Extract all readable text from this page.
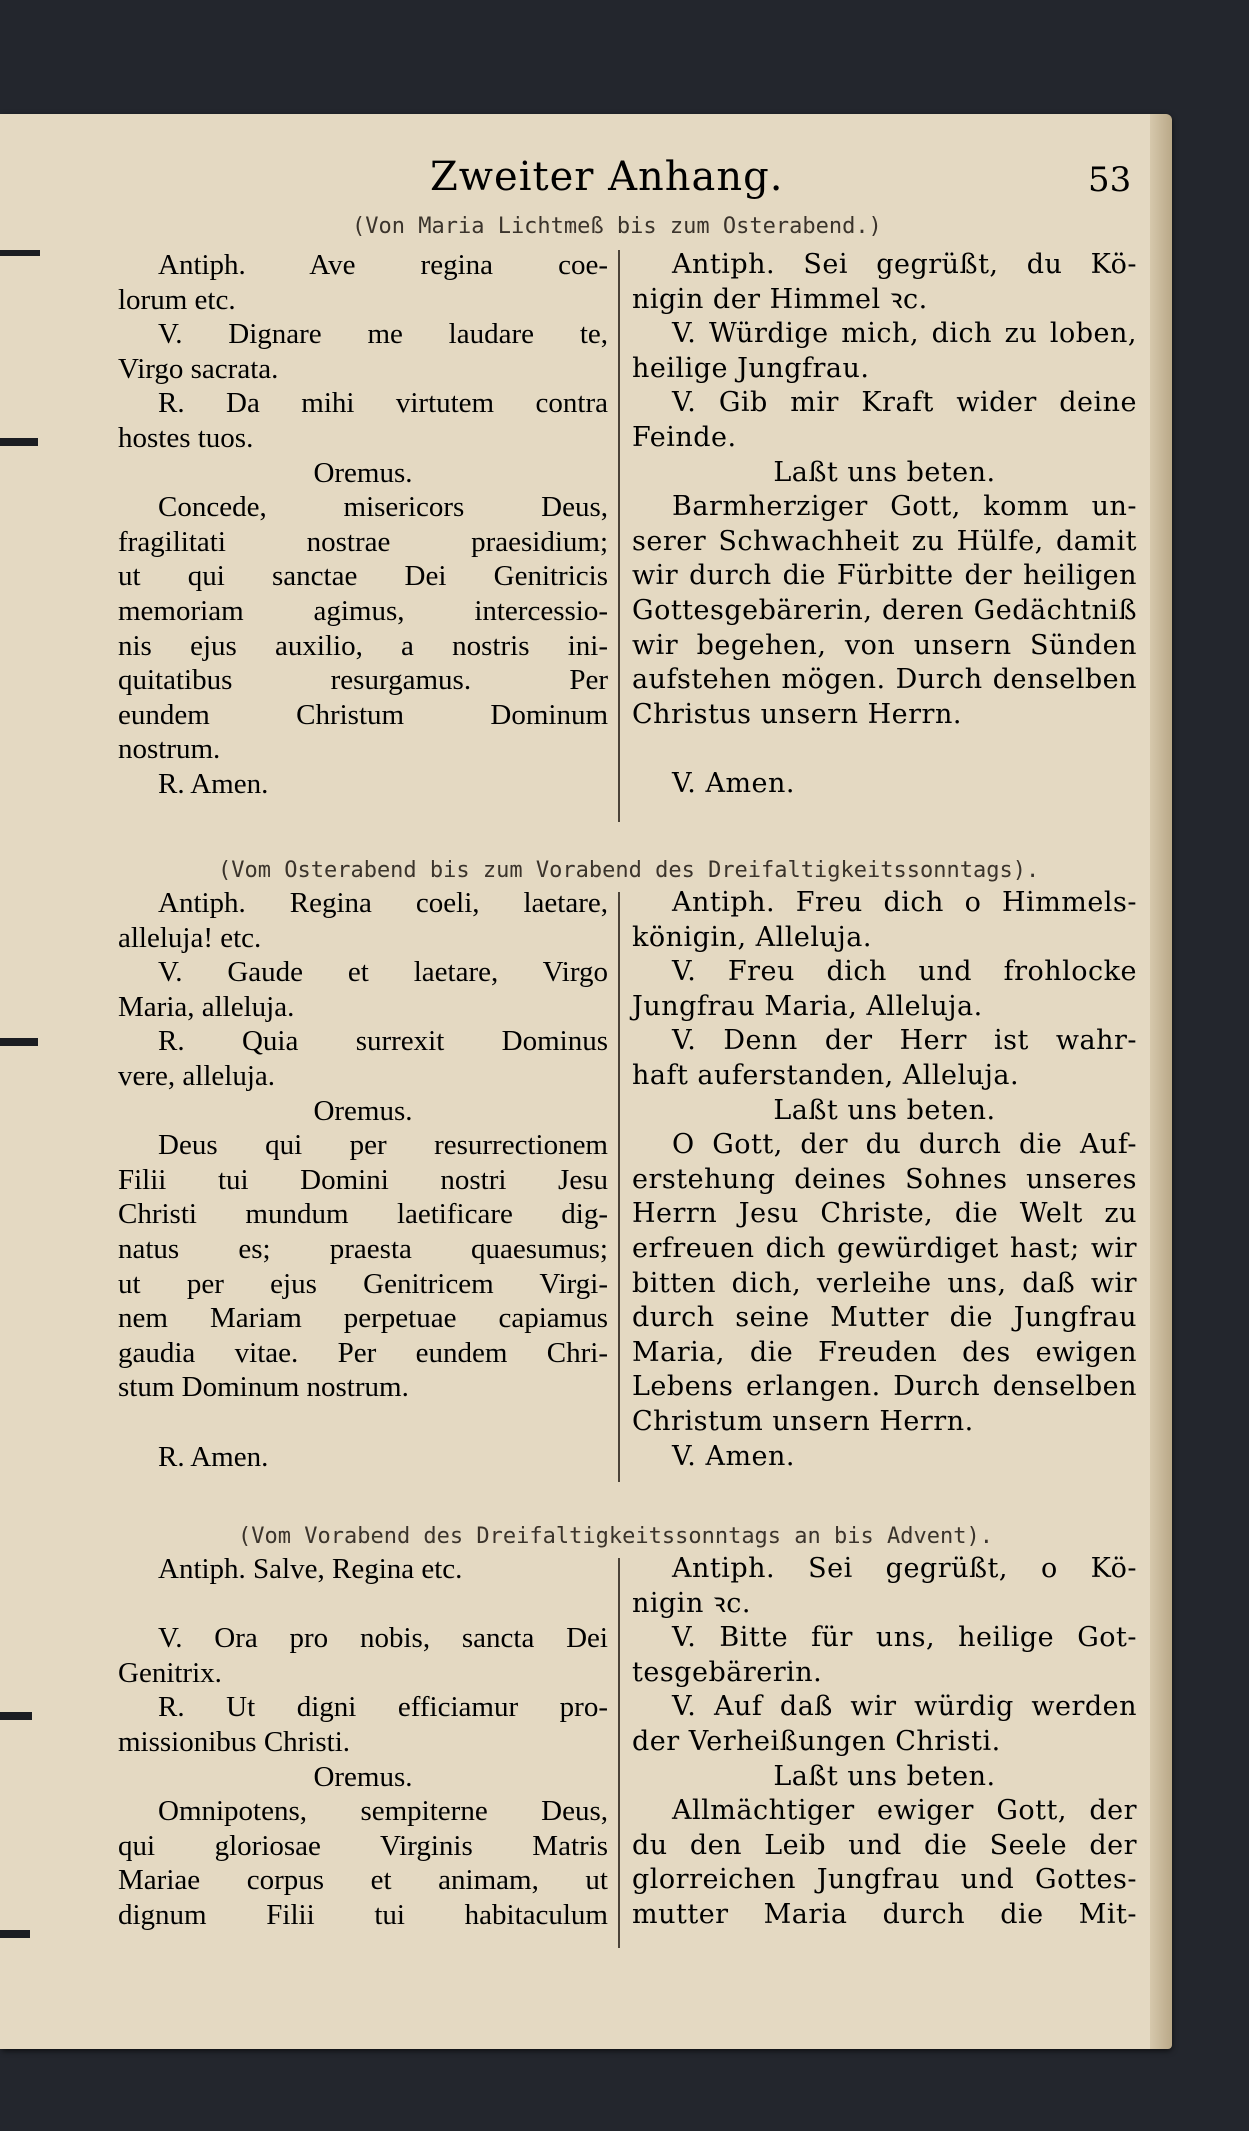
Zweiter Anhang.	53
(Von Maria Lichtmeß bis zum Osterabend.)
Antiph. Ave regina coe-
lorum etc.
V. Dignare me laudare te,
Virgo sacrata.
R. Da mihi virtutem contra
hostes tuos.
Oremus.
Concede, misericors Deus,
fragilitati nostrae praesidium;
ut qui sanctae Dei Genitricis
memoriam agimus, intercessio-
nis ejus auxilio, a nostris ini-
quitatibus resurgamus. Per
eundem Christum Dominum
nostrum.
R. Amen.
Antiph. Sei gegrüßt, du Kö-
nigin der Himmel ꝛc.
V. Würdige mich, dich zu loben,
heilige Jungfrau.
V. Gib mir Kraft wider deine
Feinde.
Laßt uns beten.
Barmherziger Gott, komm un-
serer Schwachheit zu Hülfe, damit
wir durch die Fürbitte der heiligen
Gottesgebärerin, deren Gedächtniß
wir begehen, von unsern Sünden
aufstehen mögen. Durch denselben
Christus unsern Herrn.
V. Amen.
(Vom Osterabend bis zum Vorabend des Dreifaltigkeitssonntags).
Antiph. Regina coeli, laetare,
alleluja! etc.
V. Gaude et laetare, Virgo
Maria, alleluja.
R. Quia surrexit Dominus
vere, alleluja.
Oremus.
Deus qui per resurrectionem
Filii tui Domini nostri Jesu
Christi mundum laetificare dig-
natus es; praesta quaesumus;
ut per ejus Genitricem Virgi-
nem Mariam perpetuae capiamus
gaudia vitae. Per eundem Chri-
stum Dominum nostrum.
R. Amen.
Antiph. Freu dich o Himmels-
königin, Alleluja.
V. Freu dich und frohlocke
Jungfrau Maria, Alleluja.
V. Denn der Herr ist wahr-
haft auferstanden, Alleluja.
Laßt uns beten.
O Gott, der du durch die Auf-
erstehung deines Sohnes unseres
Herrn Jesu Christe, die Welt zu
erfreuen dich gewürdiget hast; wir
bitten dich, verleihe uns, daß wir
durch seine Mutter die Jungfrau
Maria, die Freuden des ewigen
Lebens erlangen. Durch denselben
Christum unsern Herrn.
V. Amen.
(Vom Vorabend des Dreifaltigkeitssonntags an bis Advent).
Antiph. Salve, Regina etc.
V. Ora pro nobis, sancta Dei
Genitrix.
R. Ut digni efficiamur pro-
missionibus Christi.
Oremus.
Omnipotens, sempiterne Deus,
qui gloriosae Virginis Matris
Mariae corpus et animam, ut
dignum Filii tui habitaculum
Antiph. Sei gegrüßt, o Kö-
nigin ꝛc.
V. Bitte für uns, heilige Got-
tesgebärerin.
V. Auf daß wir würdig werden
der Verheißungen Christi.
Laßt uns beten.
Allmächtiger ewiger Gott, der
du den Leib und die Seele der
glorreichen Jungfrau und Gottes-
mutter Maria durch die Mit-
